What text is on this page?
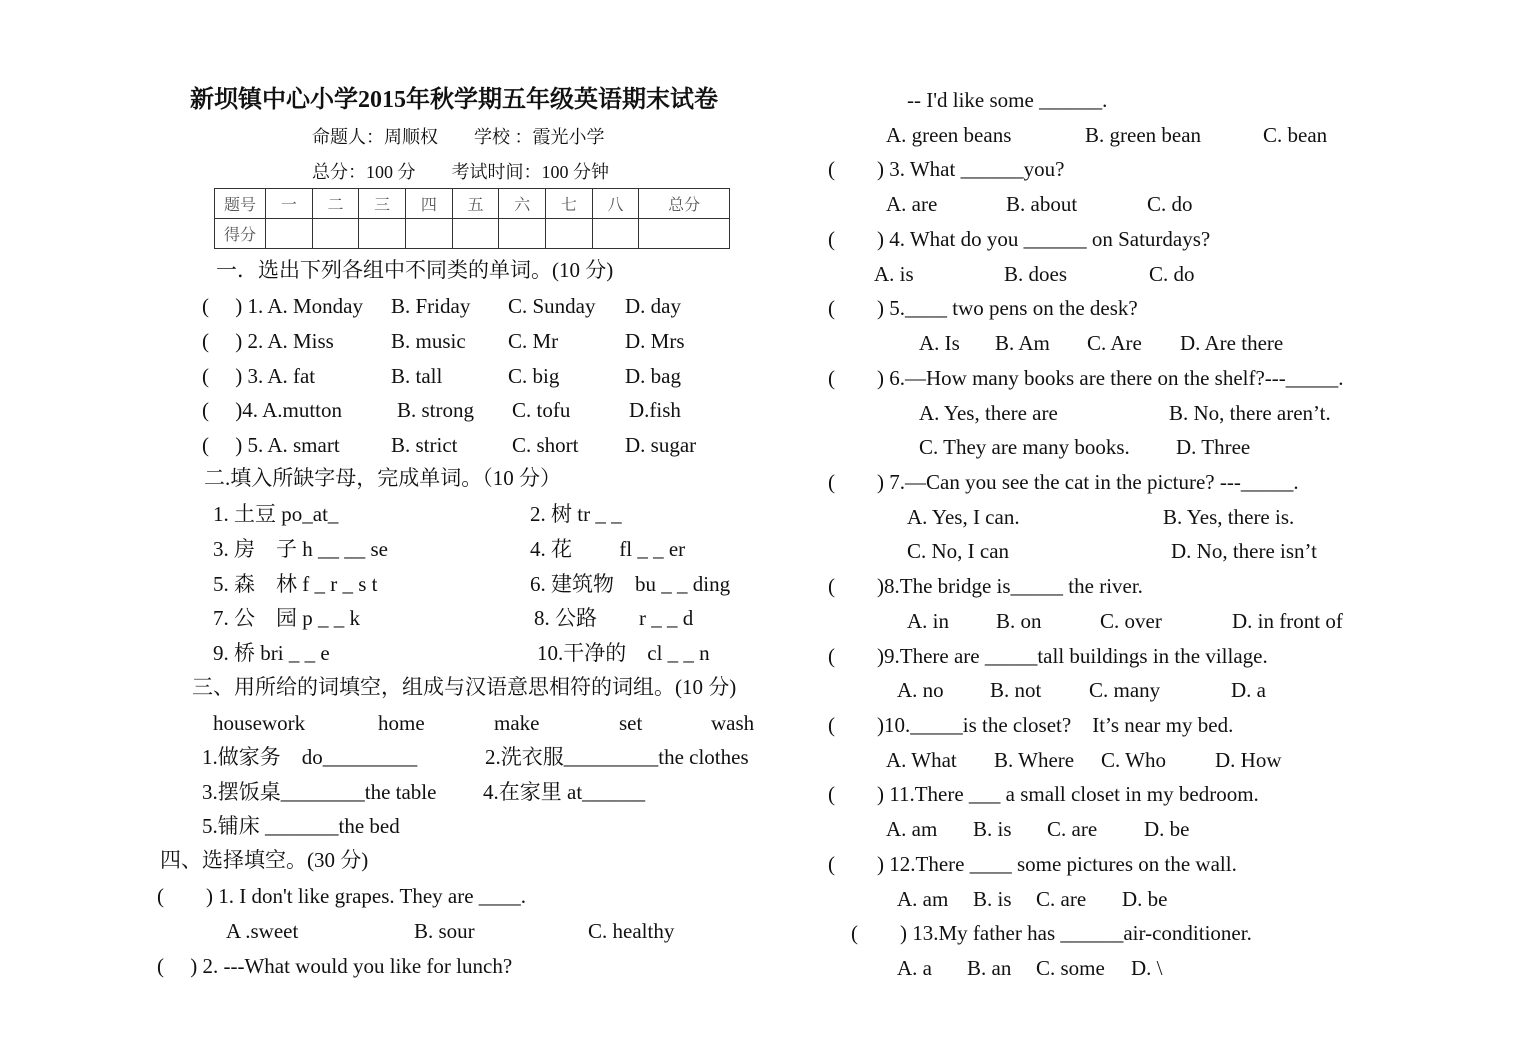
新坝镇中心小学2015年秋学期五年级英语期末试卷
命题人：周顺权　　学校 ：霞光小学
总分：100 分　　考试时间：100 分钟
题号	一	二	三	四	五	六	七	八	总分
得分									
一．选出下列各组中不同类的单词。(10 分)
(　 ) 1. A. Monday B. Friday C. Sunday D. day
(　 ) 2. A. Miss	B. music C. Mr	D. Mrs
(　 ) 3. A. fat	B. tall	C. big	D. bag
(　 )4. A.mutton	B. strong C. tofu	D.fish
(　 ) 5. A. smart B. strict	C. short D. sugar
二.填入所缺字母，完成单词。（10 分）
1. 土豆 po_at_	2. 树 tr _ _
3. 房　子 h __ __ se	4. 花　　 fl _ _ er
5. 森　林 f _ r _ s t	6. 建筑物　bu _ _ ding
7. 公　园 p _ _ k	8. 公路　　r _ _ d
9. 桥 bri _ _ e	10.干净的　cl _ _ n
三、用所给的词填空，组成与汉语意思相符的词组。(10 分)
housework	home	make	set	wash
1.做家务　do_________	2.洗衣服_________the clothes
3.摆饭桌________the table 4.在家里 at______
5.铺床 _______the bed
四、选择填空。(30 分)
(　　) 1. I don't like grapes. They are ____.
A .sweet	B. sour	C. healthy
(　 ) 2. ---What would you like for lunch?
-- I'd like some ______.
A. green beans	B. green bean	C. bean
(　　) 3. What ______you?
A. are	B. about	C. do
(　　) 4. What do you ______ on Saturdays?
A. is	B. does	C. do
(　　) 5.____ two pens on the desk?
A. Is B. Am C. Are D. Are there
(　　) 6.—How many books are there on the shelf?---_____.
A. Yes, there are	B. No, there aren’t.
C. They are many books. D. Three
(　　) 7.—Can you see the cat in the picture? ---_____.
A. Yes, I can.	B. Yes, there is.
C. No, I can	D. No, there isn’t
(　　)8.The bridge is_____ the river.
A. in B. on	C. over	D. in front of
(　　)9.There are _____tall buildings in the village.
A. no B. not C. many	D. a
(　　)10._____is the closet?　It’s near my bed.
A. What B. Where C. Who D. How
(　　) 11.There ___ a small closet in my bedroom.
A. am B. is C. are D. be
(　　) 12.There ____ some pictures on the wall.
A. am B. is C. are D. be
(　　) 13.My father has ______air-conditioner.
A. a B. an C. some D. \
